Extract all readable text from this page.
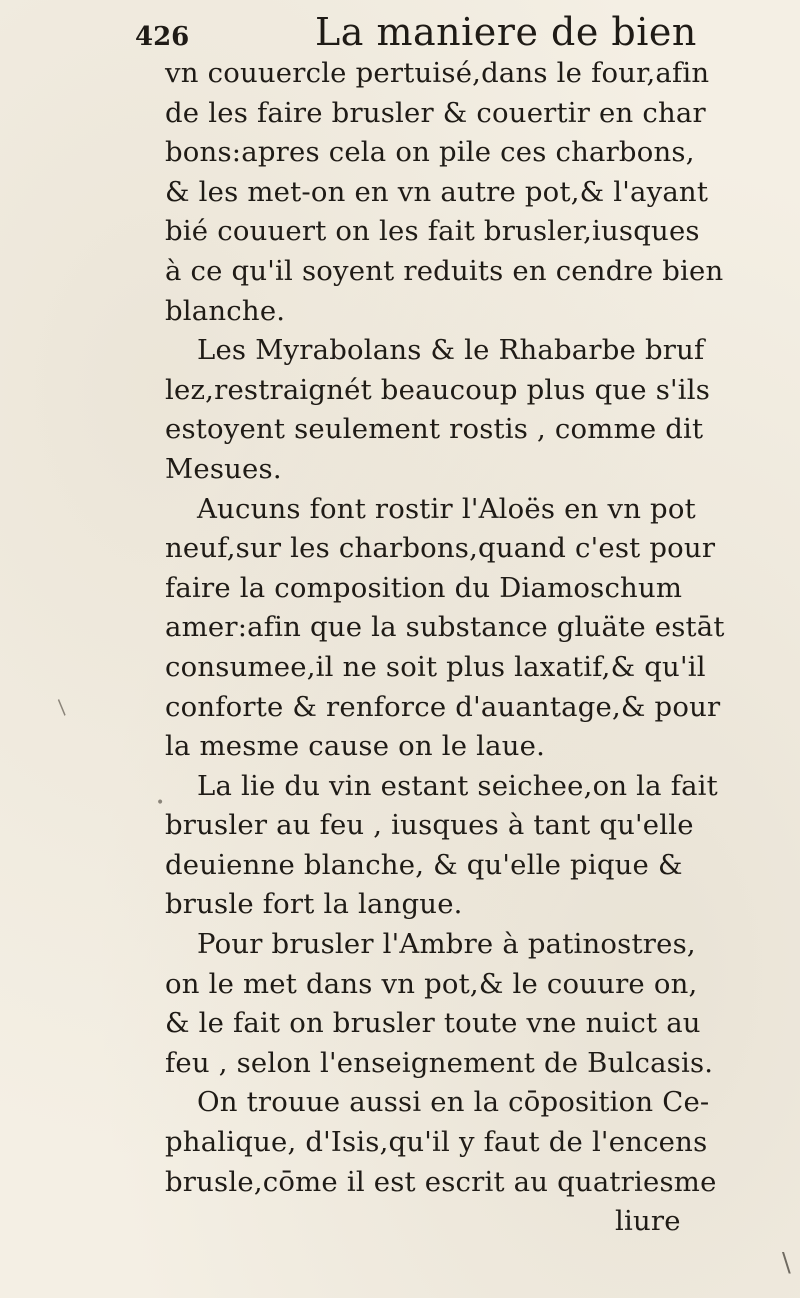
426	La maniere de bien
vn couuercle pertuisé,dans le four,afin
de les faire brusler & couertir en char
bons:apres cela on pile ces charbons,
& les met-on en vn autre pot,& l'ayant
bié couuert on les fait brusler,iusques
à ce qu'il soyent reduits en cendre bien
blanche.
Les Myrabolans & le Rhabarbe bruf
lez,restraignét beaucoup plus que s'ils
estoyent seulement rostis , comme dit
Mesues.
Aucuns font rostir l'Aloës en vn pot
neuf,sur les charbons,quand c'est pour
faire la composition du Diamoschum
amer:afin que la substance gluäte estāt
consumee,il ne soit plus laxatif,& qu'il
conforte & renforce d'auantage,& pour
la mesme cause on le laue.
La lie du vin estant seichee,on la fait
brusler au feu , iusques à tant qu'elle
deuienne blanche, & qu'elle pique &
brusle fort la langue.
Pour brusler l'Ambre à patinostres,
on le met dans vn pot,& le couure on,
& le fait on brusler toute vne nuict au
feu , selon l'enseignement de Bulcasis.
On trouue aussi en la cōposition Ce-
phalique, d'Isis,qu'il y faut de l'encens
brusle,cōme il est escrit au quatriesme
liure
/
•
\
